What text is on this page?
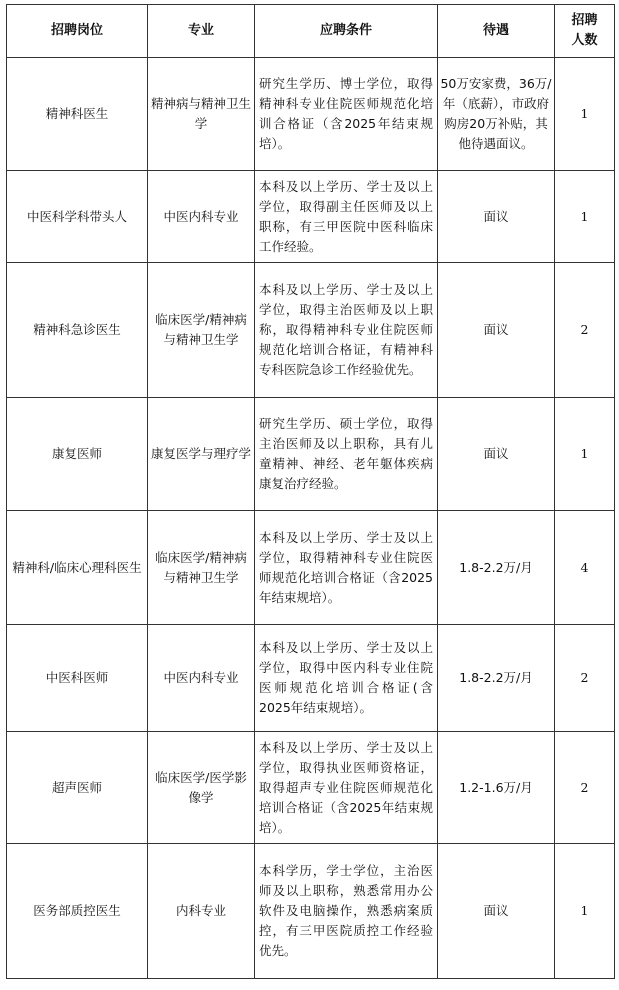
招聘岗位	专业	应聘条件	待遇	招聘人数
精神科医生	精神病与精神卫生学	研究生学历、博士学位，取得精神科专业住院医师规范化培训合格证（含2025年结束规培）。	50万安家费，36万/年（底薪），市政府购房20万补贴，其他待遇面议。	1
中医科学科带头人	中医内科专业	本科及以上学历、学士及以上学位，取得副主任医师及以上职称，有三甲医院中医科临床工作经验。	面议	1
精神科急诊医生	临床医学/精神病与精神卫生学	本科及以上学历、学士及以上学位，取得主治医师及以上职称，取得精神科专业住院医师规范化培训合格证，有精神科专科医院急诊工作经验优先。	面议	2
康复医师	康复医学与理疗学	研究生学历、硕士学位，取得主治医师及以上职称，具有儿童精神、神经、老年躯体疾病康复治疗经验。	面议	1
精神科/临床心理科医生	临床医学/精神病与精神卫生学	本科及以上学历、学士及以上学位，取得精神科专业住院医师规范化培训合格证（含2025年结束规培）。	1.8-2.2万/月	4
中医科医师	中医内科专业	本科及以上学历、学士及以上学位，取得中医内科专业住院医师规范化培训合格证(含2025年结束规培）。	1.8-2.2万/月	2
超声医师	临床医学/医学影像学	本科及以上学历、学士及以上学位，取得执业医师资格证，取得超声专业住院医师规范化培训合格证（含2025年结束规培）。	1.2-1.6万/月	2
医务部质控医生	内科专业	本科学历，学士学位，主治医师及以上职称，熟悉常用办公软件及电脑操作，熟悉病案质控，有三甲医院质控工作经验优先。	面议	1
